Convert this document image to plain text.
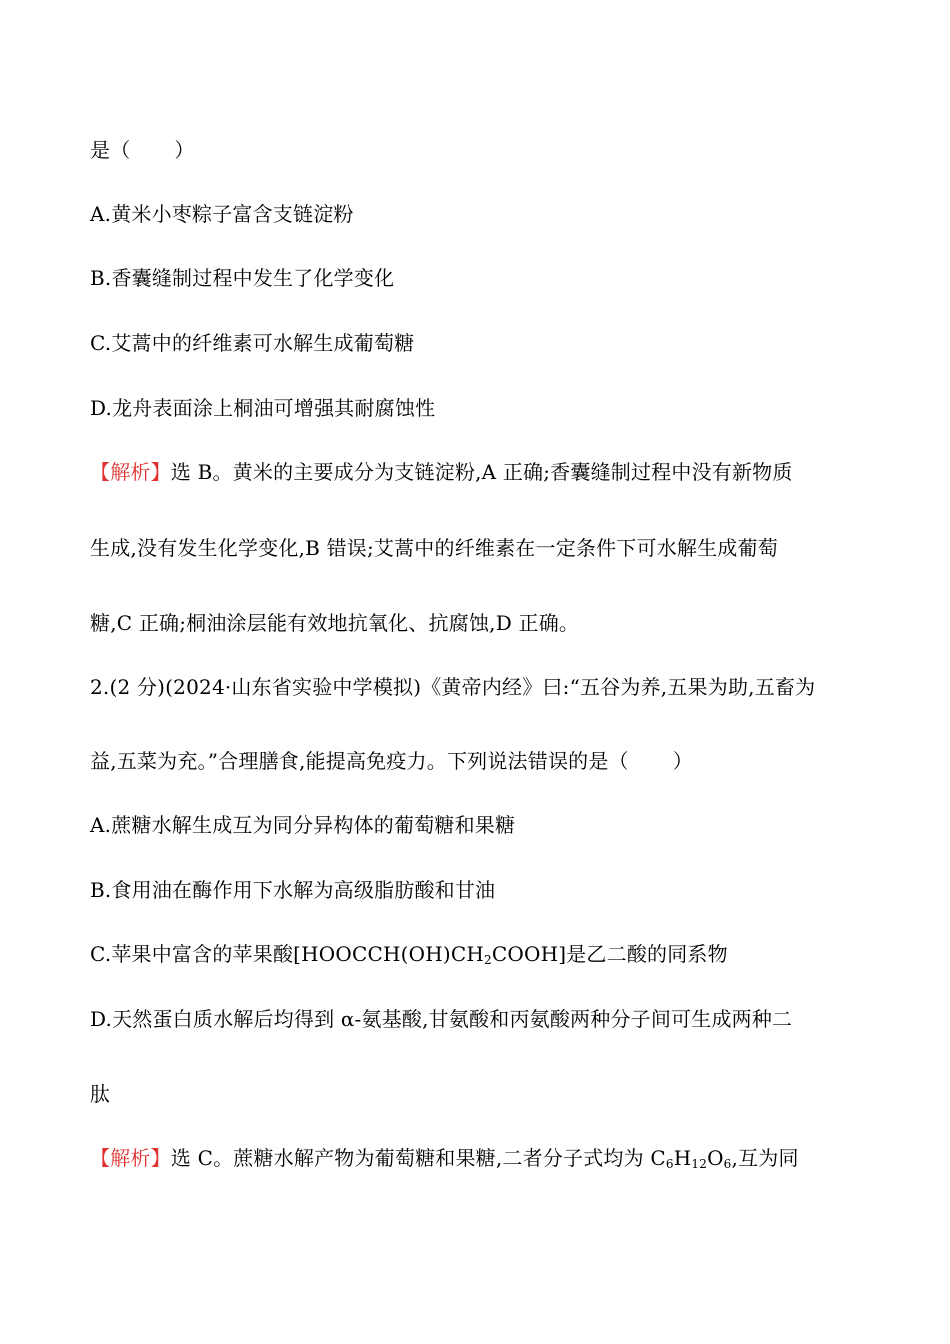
是（ ）
A.黄米小枣粽子富含支链淀粉
B.香囊缝制过程中发生了化学变化
C.艾蒿中的纤维素可水解生成葡萄糖
D.龙舟表面涂上桐油可增强其耐腐蚀性
【解析】选 B。黄米的主要成分为支链淀粉,A 正确;香囊缝制过程中没有新物质
生成,没有发生化学变化,B 错误;艾蒿中的纤维素在一定条件下可水解生成葡萄
糖,C 正确;桐油涂层能有效地抗氧化、抗腐蚀,D 正确。
2.(2 分)(2024·山东省实验中学模拟)《黄帝内经》曰:“五谷为养,五果为助,五畜为
益,五菜为充。”合理膳食,能提高免疫力。下列说法错误的是（ ）
A.蔗糖水解生成互为同分异构体的葡萄糖和果糖
B.食用油在酶作用下水解为高级脂肪酸和甘油
C.苹果中富含的苹果酸$[HOOCCH(OH)CH_2COOH]$是乙二酸的同系物
D.天然蛋白质水解后均得到 α-氨基酸,甘氨酸和丙氨酸两种分子间可生成两种二
肽
【解析】选 C。蔗糖水解产物为葡萄糖和果糖,二者分子式均为 $C_6H_{12}O_6$,互为同
